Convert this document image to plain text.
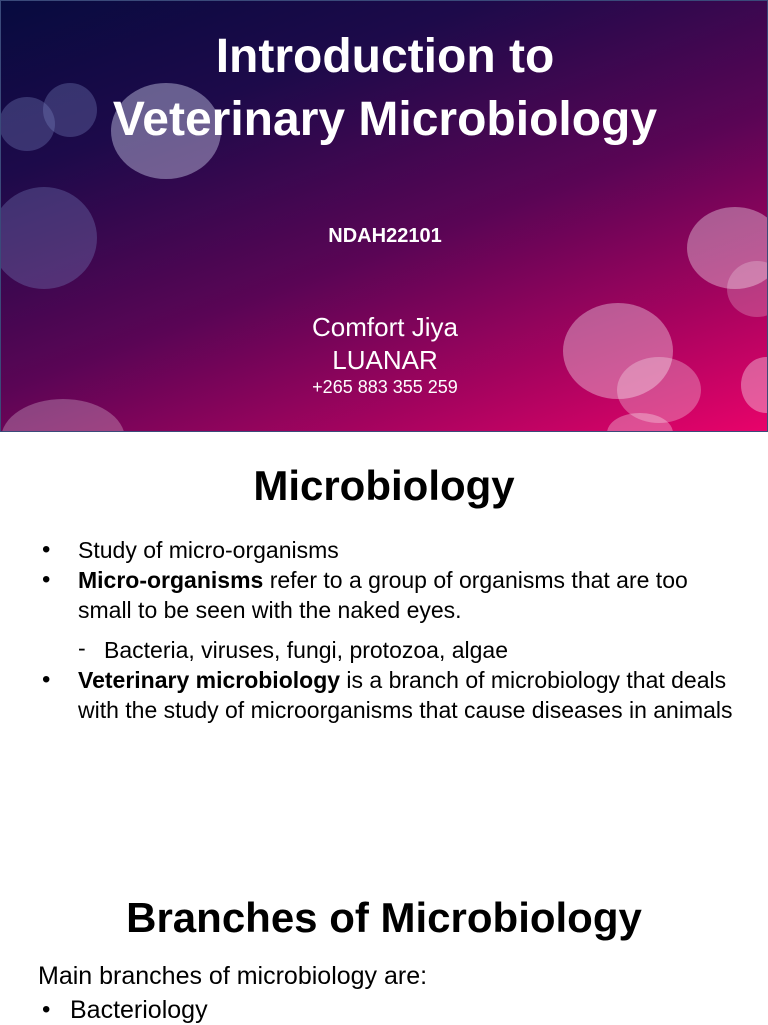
Introduction to Veterinary Microbiology
NDAH22101
Comfort Jiya
LUANAR
+265 883 355 259
Microbiology
• Study of micro-organisms
• Micro-organisms refer to a group of organisms that are too small to be seen with the naked eyes.
- Bacteria, viruses, fungi, protozoa, algae
• Veterinary microbiology is a branch of microbiology that deals with the study of microorganisms that cause diseases in animals
Branches of Microbiology
Main branches of microbiology are:
• Bacteriology
